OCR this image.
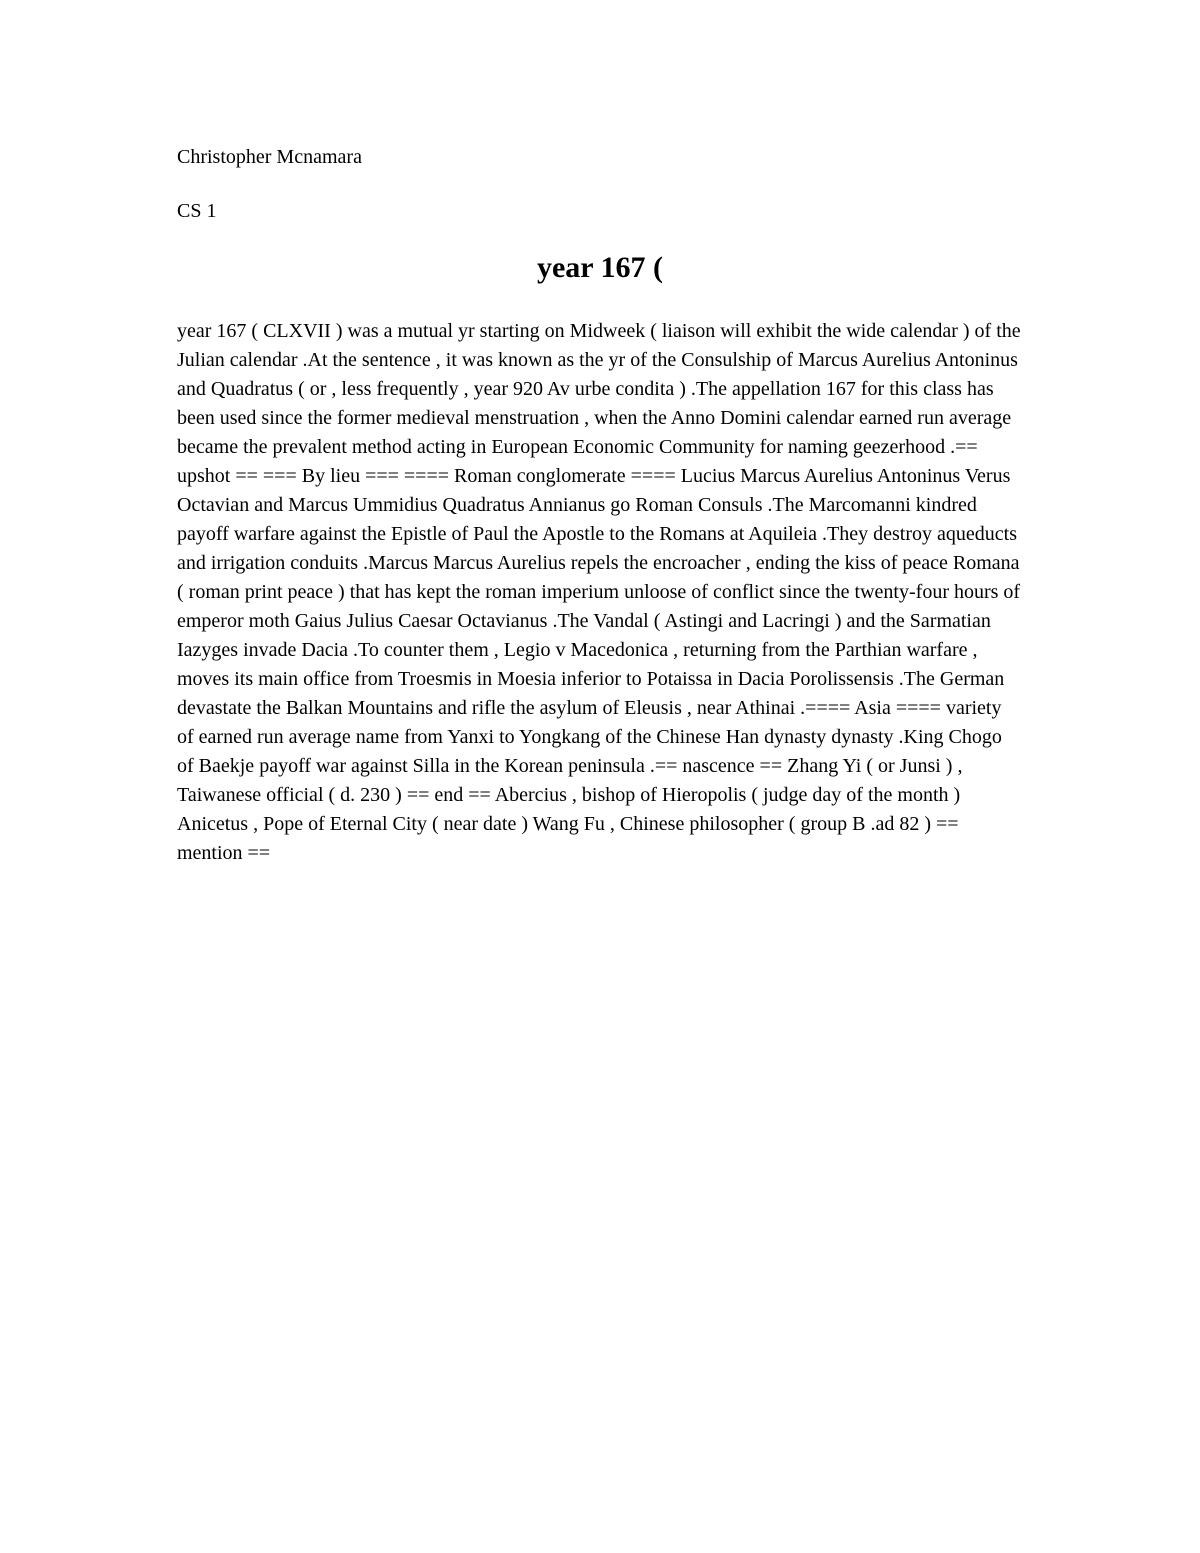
Christopher Mcnamara

CS 1

year 167 (

year 167 ( CLXVII ) was a mutual yr starting on Midweek ( liaison will exhibit the wide calendar ) of the Julian calendar .At the sentence , it was known as the yr of the Consulship of Marcus Aurelius Antoninus and Quadratus ( or , less frequently , year 920 Av urbe condita ) .The appellation 167 for this class has been used since the former medieval menstruation , when the Anno Domini calendar earned run average became the prevalent method acting in European Economic Community for naming geezerhood .== upshot == === By lieu === ==== Roman conglomerate ==== Lucius Marcus Aurelius Antoninus Verus Octavian and Marcus Ummidius Quadratus Annianus go Roman Consuls .The Marcomanni kindred payoff warfare against the Epistle of Paul the Apostle to the Romans at Aquileia .They destroy aqueducts and irrigation conduits .Marcus Marcus Aurelius repels the encroacher , ending the kiss of peace Romana ( roman print peace ) that has kept the roman imperium unloose of conflict since the twenty-four hours of emperor moth Gaius Julius Caesar Octavianus .The Vandal ( Astingi and Lacringi ) and the Sarmatian Iazyges invade Dacia .To counter them , Legio v Macedonica , returning from the Parthian warfare , moves its main office from Troesmis in Moesia inferior to Potaissa in Dacia Porolissensis .The German devastate the Balkan Mountains and rifle the asylum of Eleusis , near Athinai .==== Asia ==== variety of earned run average name from Yanxi to Yongkang of the Chinese Han dynasty dynasty .King Chogo of Baekje payoff war against Silla in the Korean peninsula .== nascence == Zhang Yi ( or Junsi ) , Taiwanese official ( d. 230 ) == end == Abercius , bishop of Hieropolis ( judge day of the month ) Anicetus , Pope of Eternal City ( near date ) Wang Fu , Chinese philosopher ( group B .ad 82 ) == mention ==
